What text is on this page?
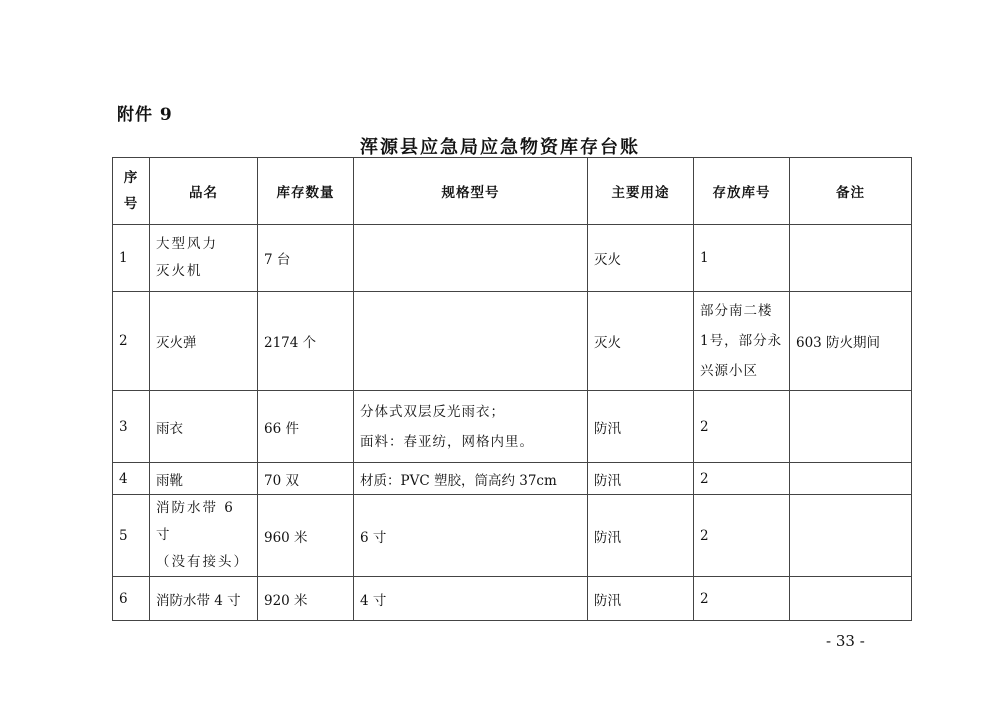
附件 9
浑源县应急局应急物资库存台账
序
号	品名	库存数量	规格型号	主要用途	存放库号	备注
1	大型风力
灭火机	7 台		灭火	1	
2	灭火弹	2174 个		灭火	部分南二楼
1号，部分永
兴源小区	603 防火期间
3	雨衣	66 件	分体式双层反光雨衣；
面料：春亚纺，网格内里。	防汛	2	
4	雨靴	70 双	材质：PVC 塑胶，筒高约 37cm	防汛	2	
5	消防水带 6 寸
（没有接头）	960 米	6 寸	防汛	2	
6	消防水带 4 寸	920 米	4 寸	防汛	2	
- 33 -
